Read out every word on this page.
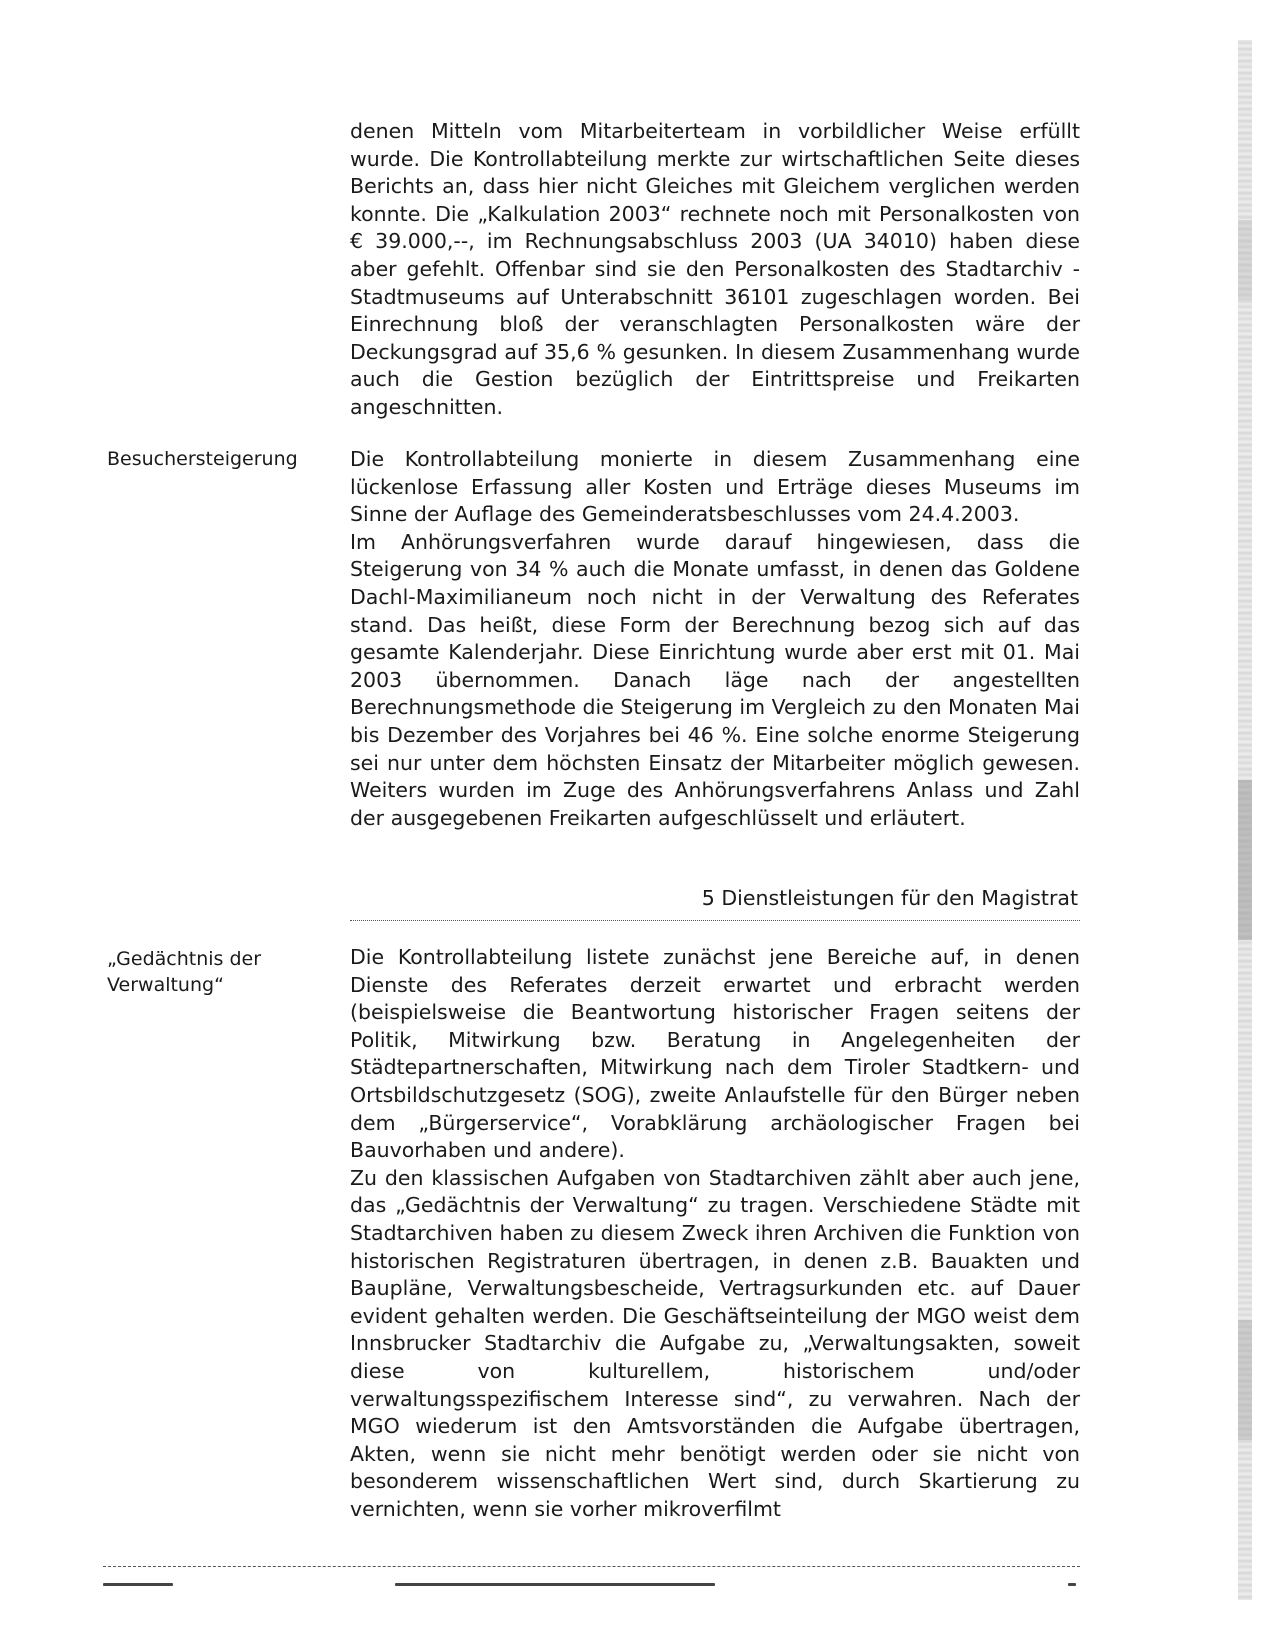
denen Mitteln vom Mitarbeiterteam in vorbildlicher Weise erfüllt wurde. Die Kontrollabteilung merkte zur wirtschaftlichen Seite dieses Berichts an, dass hier nicht Gleiches mit Gleichem verglichen werden konnte. Die „Kalkulation 2003“ rechnete noch mit Personalkosten von € 39.000,--, im Rechnungsabschluss 2003 (UA 34010) haben diese aber gefehlt. Offenbar sind sie den Personalkosten des Stadtarchiv - Stadtmuseums auf Unterabschnitt 36101 zugeschlagen worden. Bei Einrechnung bloß der veranschlagten Personalkosten wäre der Deckungsgrad auf 35,6 % gesunken. In diesem Zusammenhang wurde auch die Gestion bezüglich der Eintrittspreise und Freikarten angeschnitten.

Besuchersteigerung	Die Kontrollabteilung monierte in diesem Zusammenhang eine lückenlose Erfassung aller Kosten und Erträge dieses Museums im Sinne der Auflage des Gemeinderatsbeschlusses vom 24.4.2003.

Im Anhörungsverfahren wurde darauf hingewiesen, dass die Steigerung von 34 % auch die Monate umfasst, in denen das Goldene Dachl-Maximilianeum noch nicht in der Verwaltung des Referates stand. Das heißt, diese Form der Berechnung bezog sich auf das gesamte Kalenderjahr. Diese Einrichtung wurde aber erst mit 01. Mai 2003 übernommen. Danach läge nach der angestellten Berechnungsmethode die Steigerung im Vergleich zu den Monaten Mai bis Dezember des Vorjahres bei 46 %. Eine solche enorme Steigerung sei nur unter dem höchsten Einsatz der Mitarbeiter möglich gewesen. Weiters wurden im Zuge des Anhörungsverfahrens Anlass und Zahl der ausgegebenen Freikarten aufgeschlüsselt und erläutert.

5 Dienstleistungen für den Magistrat
„Gedächtnis der Verwaltung“

Die Kontrollabteilung listete zunächst jene Bereiche auf, in denen Dienste des Referates derzeit erwartet und erbracht werden (beispielsweise die Beantwortung historischer Fragen seitens der Politik, Mitwirkung bzw. Beratung in Angelegenheiten der Städtepartnerschaften, Mitwirkung nach dem Tiroler Stadtkern- und Ortsbildschutzgesetz (SOG), zweite Anlaufstelle für den Bürger neben dem „Bürgerservice“, Vorabklärung archäologischer Fragen bei Bauvorhaben und andere).

Zu den klassischen Aufgaben von Stadtarchiven zählt aber auch jene, das „Gedächtnis der Verwaltung“ zu tragen. Verschiedene Städte mit Stadtarchiven haben zu diesem Zweck ihren Archiven die Funktion von historischen Registraturen übertragen, in denen z.B. Bauakten und Baupläne, Verwaltungsbescheide, Vertragsurkunden etc. auf Dauer evident gehalten werden. Die Geschäftseinteilung der MGO weist dem Innsbrucker Stadtarchiv die Aufgabe zu, „Verwaltungsakten, soweit diese von kulturellem, historischem und/oder verwaltungsspezifischem Interesse sind“, zu verwahren. Nach der MGO wiederum ist den Amtsvorständen die Aufgabe übertragen, Akten, wenn sie nicht mehr benötigt werden oder sie nicht von besonderem wissenschaftlichen Wert sind, durch Skartierung zu vernichten, wenn sie vorher mikroverfilmt
